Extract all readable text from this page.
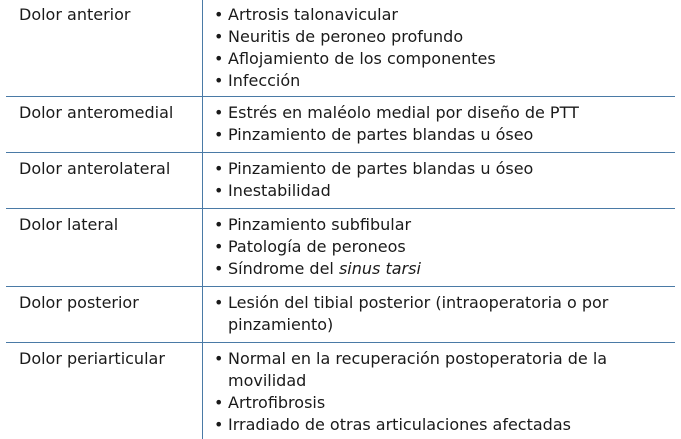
Dolor anterior	• Artrosis talonavicular
• Neuritis de peroneo profundo
• Aflojamiento de los componentes
• Infección
Dolor anteromedial	• Estrés en maléolo medial por diseño de PTT
• Pinzamiento de partes blandas u óseo
Dolor anterolateral	• Pinzamiento de partes blandas u óseo
• Inestabilidad
Dolor lateral	• Pinzamiento subfibular
• Patología de peroneos
• Síndrome del sinus tarsi
Dolor posterior	• Lesión del tibial posterior (intraoperatoria o por pinzamiento)
Dolor periarticular	• Normal en la recuperación postoperatoria de la movilidad
• Artrofibrosis
• Irradiado de otras articulaciones afectadas
